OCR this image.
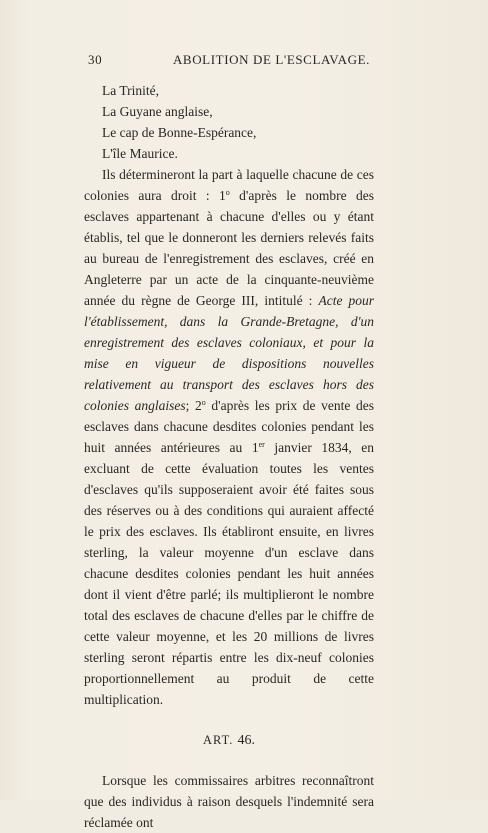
30	ABOLITION DE L'ESCLAVAGE.
La Trinité,
La Guyane anglaise,
Le cap de Bonne-Espérance,
L'île Maurice.

Ils détermineront la part à laquelle chacune de ces colonies aura droit : 1$^o$ d'après le nombre des esclaves appartenant à chacune d'elles ou y étant établis, tel que le donneront les derniers relevés faits au bureau de l'enregistrement des esclaves, créé en Angleterre par un acte de la cinquante-neuvième année du règne de George III, intitulé : Acte pour l'établissement, dans la Grande-Bretagne, d'un enregistrement des esclaves coloniaux, et pour la mise en vigueur de dispositions nouvelles relativement au transport des esclaves hors des colonies anglaises; 2$^o$ d'après les prix de vente des esclaves dans chacune desdites colonies pendant les huit années antérieures au 1er janvier 1834, en excluant de cette évaluation toutes les ventes d'esclaves qu'ils supposeraient avoir été faites sous des réserves ou à des conditions qui auraient affecté le prix des esclaves. Ils établiront ensuite, en livres sterling, la valeur moyenne d'un esclave dans chacune desdites colonies pendant les huit années dont il vient d'être parlé; ils multiplieront le nombre total des esclaves de chacune d'elles par le chiffre de cette valeur moyenne, et les 20 millions de livres sterling seront répartis entre les dix-neuf colonies proportionnellement au produit de cette multiplication.

ART. 46.

Lorsque les commissaires arbitres reconnaîtront que des individus à raison desquels l'indemnité sera réclamée ont
